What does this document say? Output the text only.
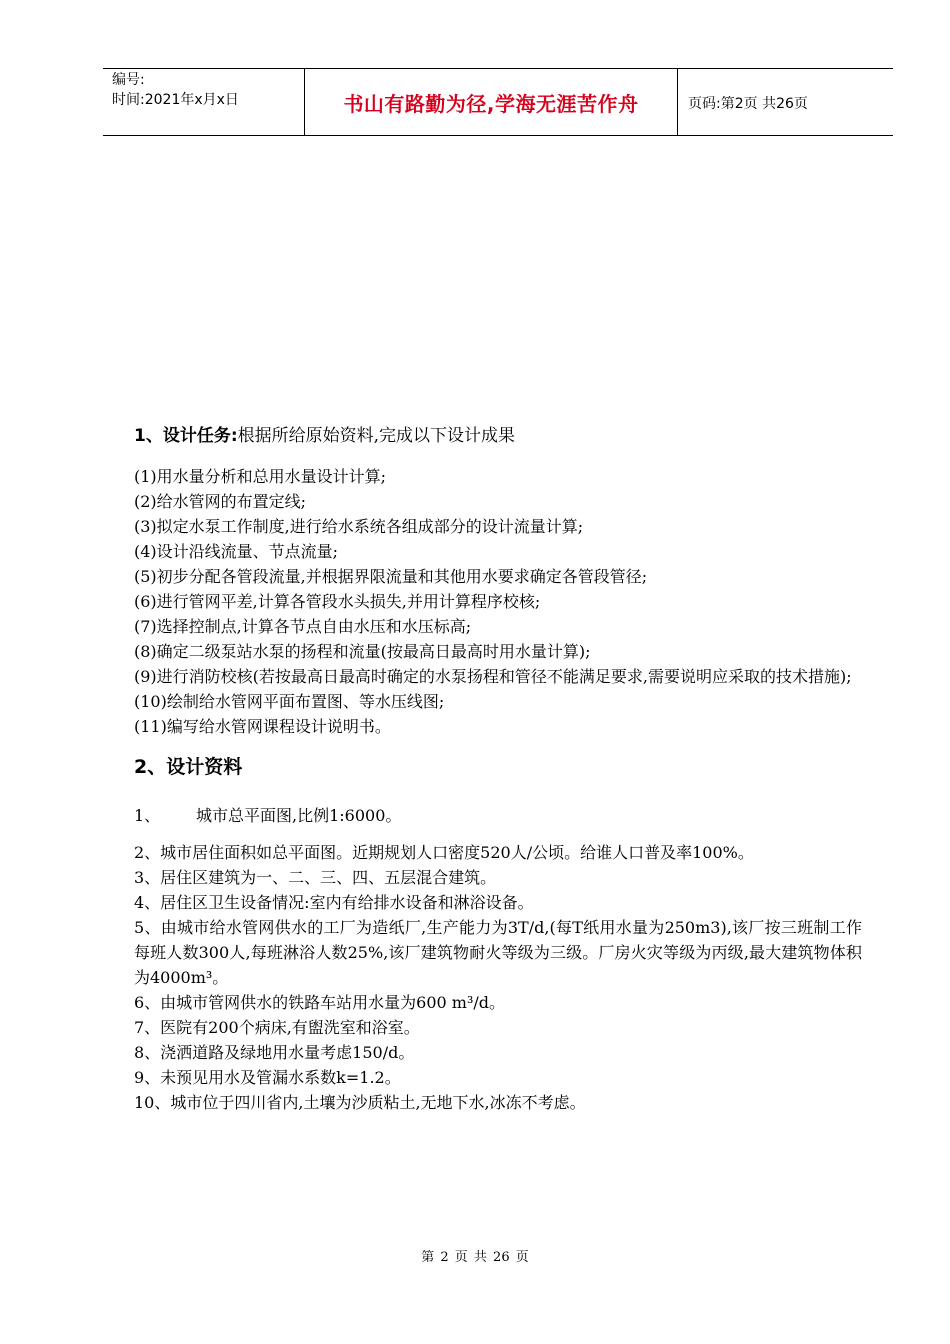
编号:
时间:2021年x月x日	书山有路勤为径,学海无涯苦作舟	页码:第2页 共26页
1、设计任务:根据所给原始资料,完成以下设计成果
(1)用水量分析和总用水量设计计算;
(2)给水管网的布置定线;
(3)拟定水泵工作制度,进行给水系统各组成部分的设计流量计算;
(4)设计沿线流量、节点流量;
(5)初步分配各管段流量,并根据界限流量和其他用水要求确定各管段管径;
(6)进行管网平差,计算各管段水头损失,并用计算程序校核;
(7)选择控制点,计算各节点自由水压和水压标高;
(8)确定二级泵站水泵的扬程和流量(按最高日最高时用水量计算);
(9)进行消防校核(若按最高日最高时确定的水泵扬程和管径不能满足要求,需要说明应采取的技术措施);
(10)绘制给水管网平面布置图、等水压线图;
(11)编写给水管网课程设计说明书。
2、设计资料
1、 城市总平面图,比例1:6000。
2、城市居住面积如总平面图。近期规划人口密度520人/公顷。给谁人口普及率100%。
3、居住区建筑为一、二、三、四、五层混合建筑。
4、居住区卫生设备情况:室内有给排水设备和淋浴设备。
5、由城市给水管网供水的工厂为造纸厂,生产能力为3T/d,(每T纸用水量为250m3),该厂按三班制工作每班人数300人,每班淋浴人数25%,该厂建筑物耐火等级为三级。厂房火灾等级为丙级,最大建筑物体积为4000m³。
6、由城市管网供水的铁路车站用水量为600 m³/d。
7、医院有200个病床,有盥洗室和浴室。
8、浇洒道路及绿地用水量考虑150/d。
9、未预见用水及管漏水系数k=1.2。
10、城市位于四川省内,土壤为沙质粘土,无地下水,冰冻不考虑。
第 2 页 共 26 页
